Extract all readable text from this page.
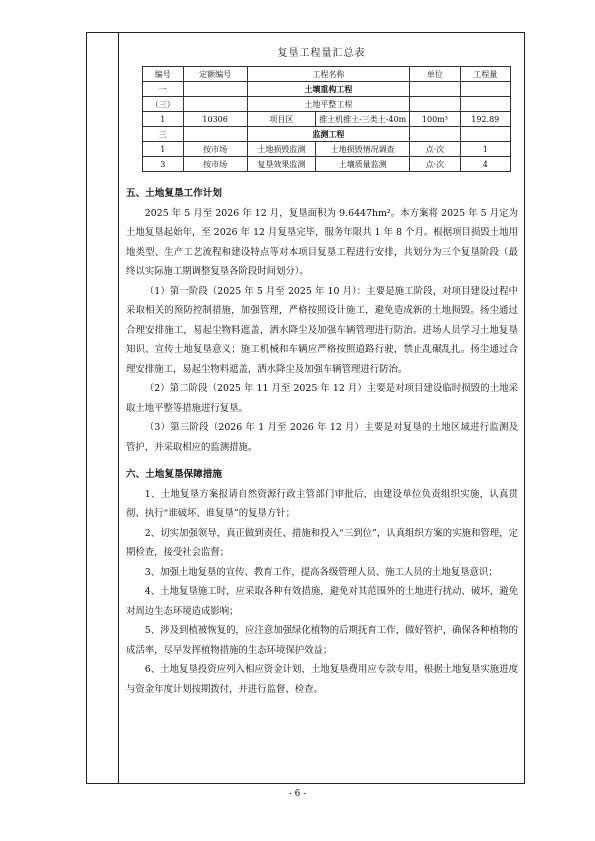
复垦工程量汇总表
编号	定额编号	工程名称		单位	工程量
一		土壤重构工程			
（三）		土地平整工程			
1	10306	项目区	推土机推土-三类土-40m	100m³	192.89
三		监测工程			
1	按市场	土地损毁监测	土地损毁情况调查	点·次	1
3	按市场	复垦效果监测	土壤质量监测	点·次	4

五、土地复垦工作计划

2025 年 5 月至 2026 年 12 月，复垦面积为 9.6447hm²。本方案将 2025 年 5 月定为土地复垦起始年，至 2026 年 12 月复垦完毕，服务年限共 1 年 8 个月。根据项目损毁土地用地类型、生产工艺流程和建设特点等对本项目复垦工程进行安排，共划分为三个复垦阶段（最终以实际施工期调整复垦各阶段时间划分）。

（1）第一阶段（2025 年 5 月至 2025 年 10 月）：主要是施工阶段，对项目建设过程中采取相关的预防控制措施，加强管理，严格按照设计施工，避免造成新的土地损毁。扬尘通过合理安排施工，易起尘物料遮盖，洒水降尘及加强车辆管理进行防治。进场人员学习土地复垦知识、宣传土地复垦意义；施工机械和车辆应严格按照道路行驶，禁止乱碾乱扎。扬尘通过合理安排施工，易起尘物料遮盖，洒水降尘及加强车辆管理进行防治。

（2）第二阶段（2025 年 11 月至 2025 年 12 月）主要是对项目建设临时损毁的土地采取土地平整等措施进行复垦。

（3）第三阶段（2026 年 1 月至 2026 年 12 月）主要是对复垦的土地区域进行监测及管护，并采取相应的监测措施。

六、土地复垦保障措施

1、土地复垦方案报请自然资源行政主管部门审批后，由建设单位负责组织实施，认真贯彻、执行“谁破坏、谁复垦”的复垦方针；

2、切实加强领导，真正做到责任、措施和投入“三到位”，认真组织方案的实施和管理，定期检查，接受社会监督；

3、加强土地复垦的宣传、教育工作，提高各级管理人员、施工人员的土地复垦意识；

4、土地复垦施工时，应采取各种有效措施，避免对其范围外的土地进行扰动、破坏，避免对周边生态环境造成影响；

5、涉及到植被恢复的，应注意加强绿化植物的后期抚育工作，做好管护，确保各种植物的成活率，尽早发挥植物措施的生态环境保护效益；

6、土地复垦投资应列入相应资金计划，土地复垦费用应专款专用，根据土地复垦实施进度与资金年度计划按期拨付，并进行监督、检查。

- 6 -
